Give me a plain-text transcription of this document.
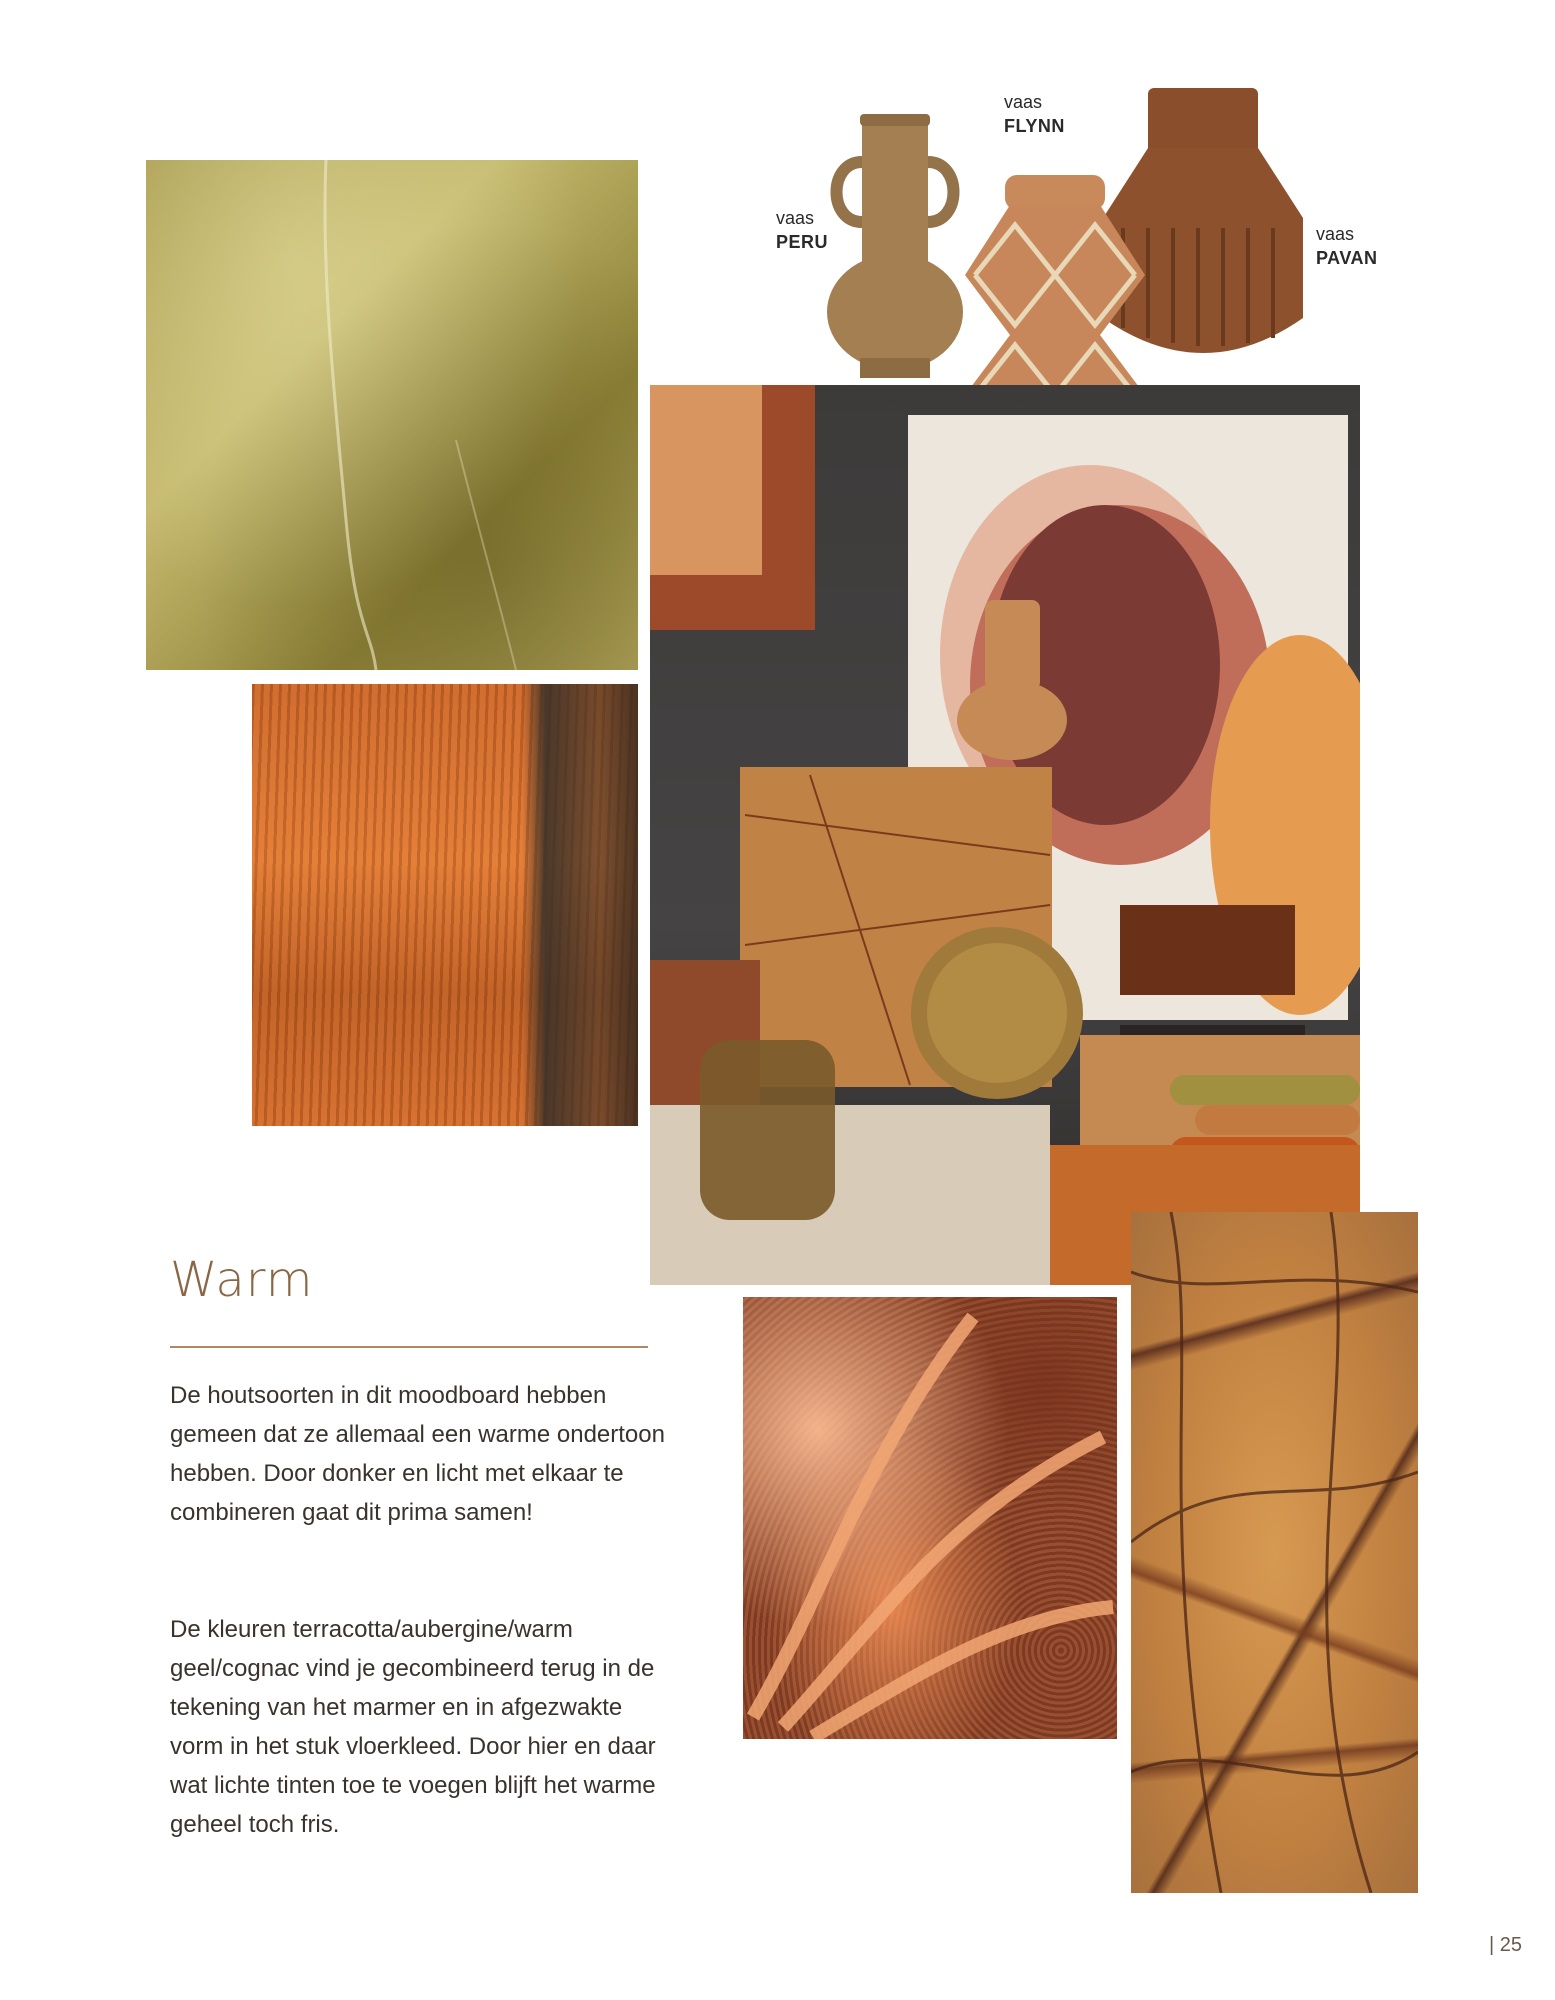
vaas
PERU
vaas
FLYNN
vaas
PAVAN
Warm

De houtsoorten in dit moodboard hebben gemeen dat ze allemaal een warme ondertoon hebben. Door donker en licht met elkaar te combineren gaat dit prima samen!

De kleuren terracotta/aubergine/warm geel/cognac vind je gecombineerd terug in de tekening van het marmer en in afgezwakte vorm in het stuk vloerkleed. Door hier en daar wat lichte tinten toe te voegen blijft het warme geheel toch fris.

| 25
